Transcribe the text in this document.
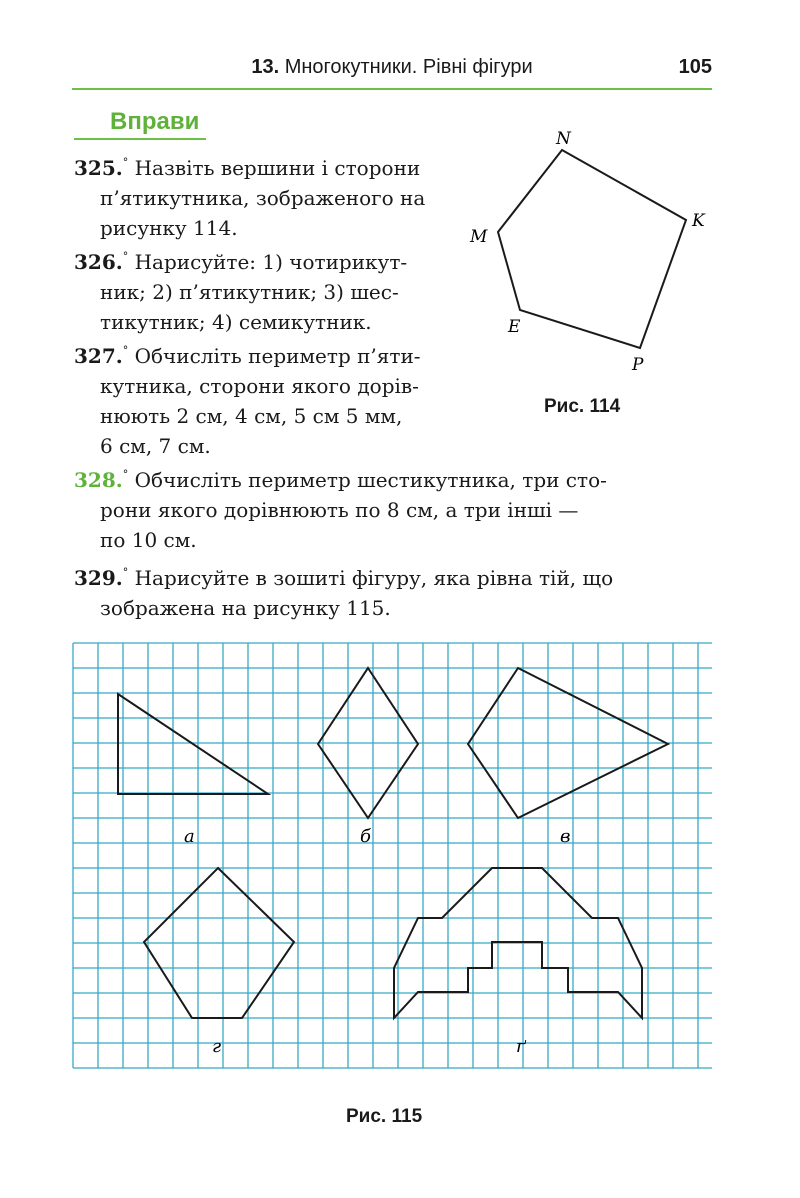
13. Многокутники. Рівні фігури	105
Вправи
325.° Назвіть вершини і сторони
п’ятикутника, зображеного на
рисунку 114.
326.° Нарисуйте: 1) чотирикут-
ник; 2) п’ятикутник; 3) шес-
тикутник; 4) семикутник.
327.° Обчисліть периметр п’яти-
кутника, сторони якого дорів-
нюють 2 см, 4 см, 5 см 5 мм,
6 см, 7 см.
328.° Обчисліть периметр шестикутника, три сто-
рони якого дорівнюють по 8 см, а три інші —
по 10 см.
329.° Нарисуйте в зошиті фігуру, яка рівна тій, що
зображена на рисунку 115.
N
K
P
E
M
Рис. 114
а	б	в
г	ґ
Рис. 115
